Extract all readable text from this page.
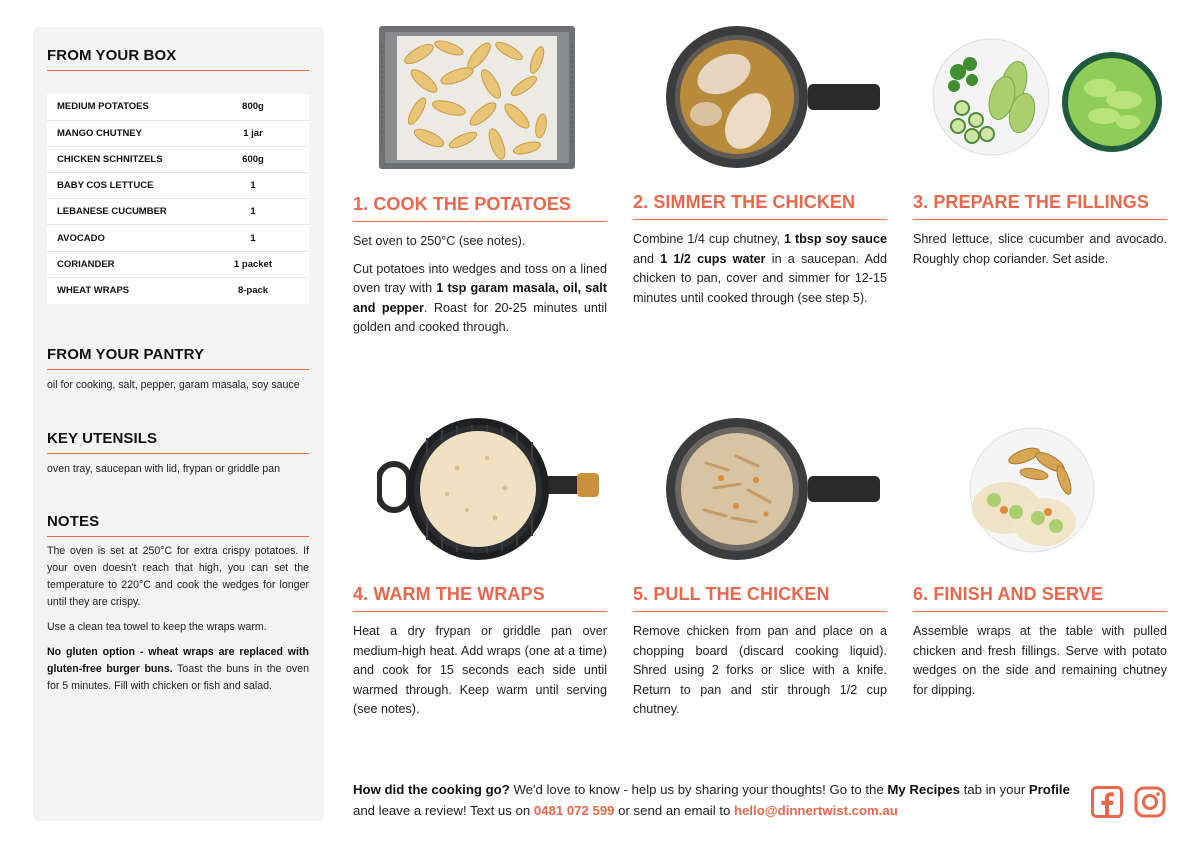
FROM YOUR BOX
MEDIUM POTATOES	800g
MANGO CHUTNEY	1 jar
CHICKEN SCHNITZELS	600g
BABY COS LETTUCE	1
LEBANESE CUCUMBER	1
AVOCADO	1
CORIANDER	1 packet
WHEAT WRAPS	8-pack
FROM YOUR PANTRY
oil for cooking, salt, pepper, garam masala, soy sauce
KEY UTENSILS
oven tray, saucepan with lid, frypan or griddle pan
NOTES

The oven is set at 250°C for extra crispy potatoes. If your oven doesn't reach that high, you can set the temperature to 220°C and cook the wedges for longer until they are crispy.

Use a clean tea towel to keep the wraps warm.

No gluten option - wheat wraps are replaced with gluten-free burger buns. Toast the buns in the oven for 5 minutes. Fill with chicken or fish and salad.

1. COOK THE POTATOES

Set oven to 250°C (see notes).

Cut potatoes into wedges and toss on a lined oven tray with 1 tsp garam masala, oil, salt and pepper. Roast for 20-25 minutes until golden and cooked through.

2. SIMMER THE CHICKEN

Combine 1/4 cup chutney, 1 tbsp soy sauce and 1 1/2 cups water in a saucepan. Add chicken to pan, cover and simmer for 12-15 minutes until cooked through (see step 5).

3. PREPARE THE FILLINGS

Shred lettuce, slice cucumber and avocado. Roughly chop coriander. Set aside.

4. WARM THE WRAPS

Heat a dry frypan or griddle pan over medium-high heat. Add wraps (one at a time) and cook for 15 seconds each side until warmed through. Keep warm until serving (see notes).

5. PULL THE CHICKEN

Remove chicken from pan and place on a chopping board (discard cooking liquid). Shred using 2 forks or slice with a knife. Return to pan and stir through 1/2 cup chutney.

6. FINISH AND SERVE

Assemble wraps at the table with pulled chicken and fresh fillings. Serve with potato wedges on the side and remaining chutney for dipping.

How did the cooking go? We'd love to know - help us by sharing your thoughts! Go to the My Recipes tab in your Profile and leave a review! Text us on 0481 072 599 or send an email to hello@dinnertwist.com.au
